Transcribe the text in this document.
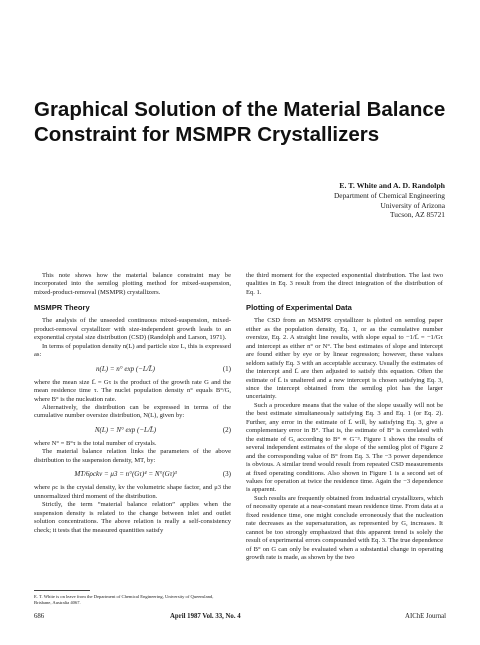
Graphical Solution of the Material Balance Constraint for MSMPR Crystallizers
E. T. White and A. D. Randolph
Department of Chemical Engineering
University of Arizona
Tucson, AZ 85721

This note shows how the material balance constraint may be incorporated into the semilog plotting method for mixed-suspension, mixed-product-removal (MSMPR) crystallizers.

MSMPR Theory

The analysis of the unseeded continuous mixed-suspension, mixed-product-removal crystallizer with size-independent growth leads to an exponential crystal size distribution (CSD) (Randolph and Larson, 1971).

In terms of population density n(L) and particle size L, this is expressed as:

n(L) = n° exp (−L/L̄)	(1)

where the mean size L̄ = Gτ is the product of the growth rate G and the mean residence time τ. The nuclei population density n° equals B°/G, where B° is the nucleation rate.

Alternatively, the distribution can be expressed in terms of the cumulative number oversize distribution, N(L), given by:

N(L) = N° exp (−L/L̄)	(2)

where N° = B°τ is the total number of crystals.

The material balance relation links the parameters of the above distribution to the suspension density, MT, by:

MT/6ρckv = μ3 = n°(Gτ)⁴ = N°(Gτ)³	(3)

where ρc is the crystal density, kv the volumetric shape factor, and μ3 the unnormalized third moment of the distribution.

Strictly, the term “material balance relation” applies when the suspension density is related to the change between inlet and outlet solution concentrations. The above relation is really a self-consistency check; it tests that the measured quantities satisfy

the third moment for the expected exponential distribution. The last two qualities in Eq. 3 result from the direct integration of the distribution of Eq. 1.

Plotting of Experimental Data

The CSD from an MSMPR crystallizer is plotted on semilog paper either as the population density, Eq. 1, or as the cumulative number oversize, Eq. 2. A straight line results, with slope equal to −1/L̄ = −1/Gτ and intercept as either n° or N°. The best estimates of slope and intercept are found either by eye or by linear regression; however, these values seldom satisfy Eq. 3 with an acceptable accuracy. Usually the estimates of the intercept and L̄ are then adjusted to satisfy this equation. Often the estimate of L̄ is unaltered and a new intercept is chosen satisfying Eq. 3, since the intercept obtained from the semilog plot has the larger uncertainty.

Such a procedure means that the value of the slope usually will not be the best estimate simultaneously satisfying Eq. 3 and Eq. 1 (or Eq. 2). Further, any error in the estimate of L̄ will, by satisfying Eq. 3, give a complementary error in B°. That is, the estimate of B° is correlated with the estimate of G, according to B° ∝ G⁻³. Figure 1 shows the results of several independent estimates of the slope of the semilog plot of Figure 2 and the corresponding value of B° from Eq. 3. The −3 power dependence is obvious. A similar trend would result from repeated CSD measurements at fixed operating conditions. Also shown in Figure 1 is a second set of values for operation at twice the residence time. Again the −3 dependence is apparent.

Such results are frequently obtained from industrial crystallizers, which of necessity operate at a near-constant mean residence time. From data at a fixed residence time, one might conclude erroneously that the nucleation rate decreases as the supersaturation, as represented by G, increases. It cannot be too strongly emphasized that this apparent trend is solely the result of experimental errors compounded with Eq. 3. The true dependence of B° on G can only be evaluated when a substantial change in operating growth rate is made, as shown by the two

E. T. White is on leave from the Department of Chemical Engineering, University of Queensland, Brisbane, Australia 4067.

686	April 1987 Vol. 33, No. 4	AIChE Journal
